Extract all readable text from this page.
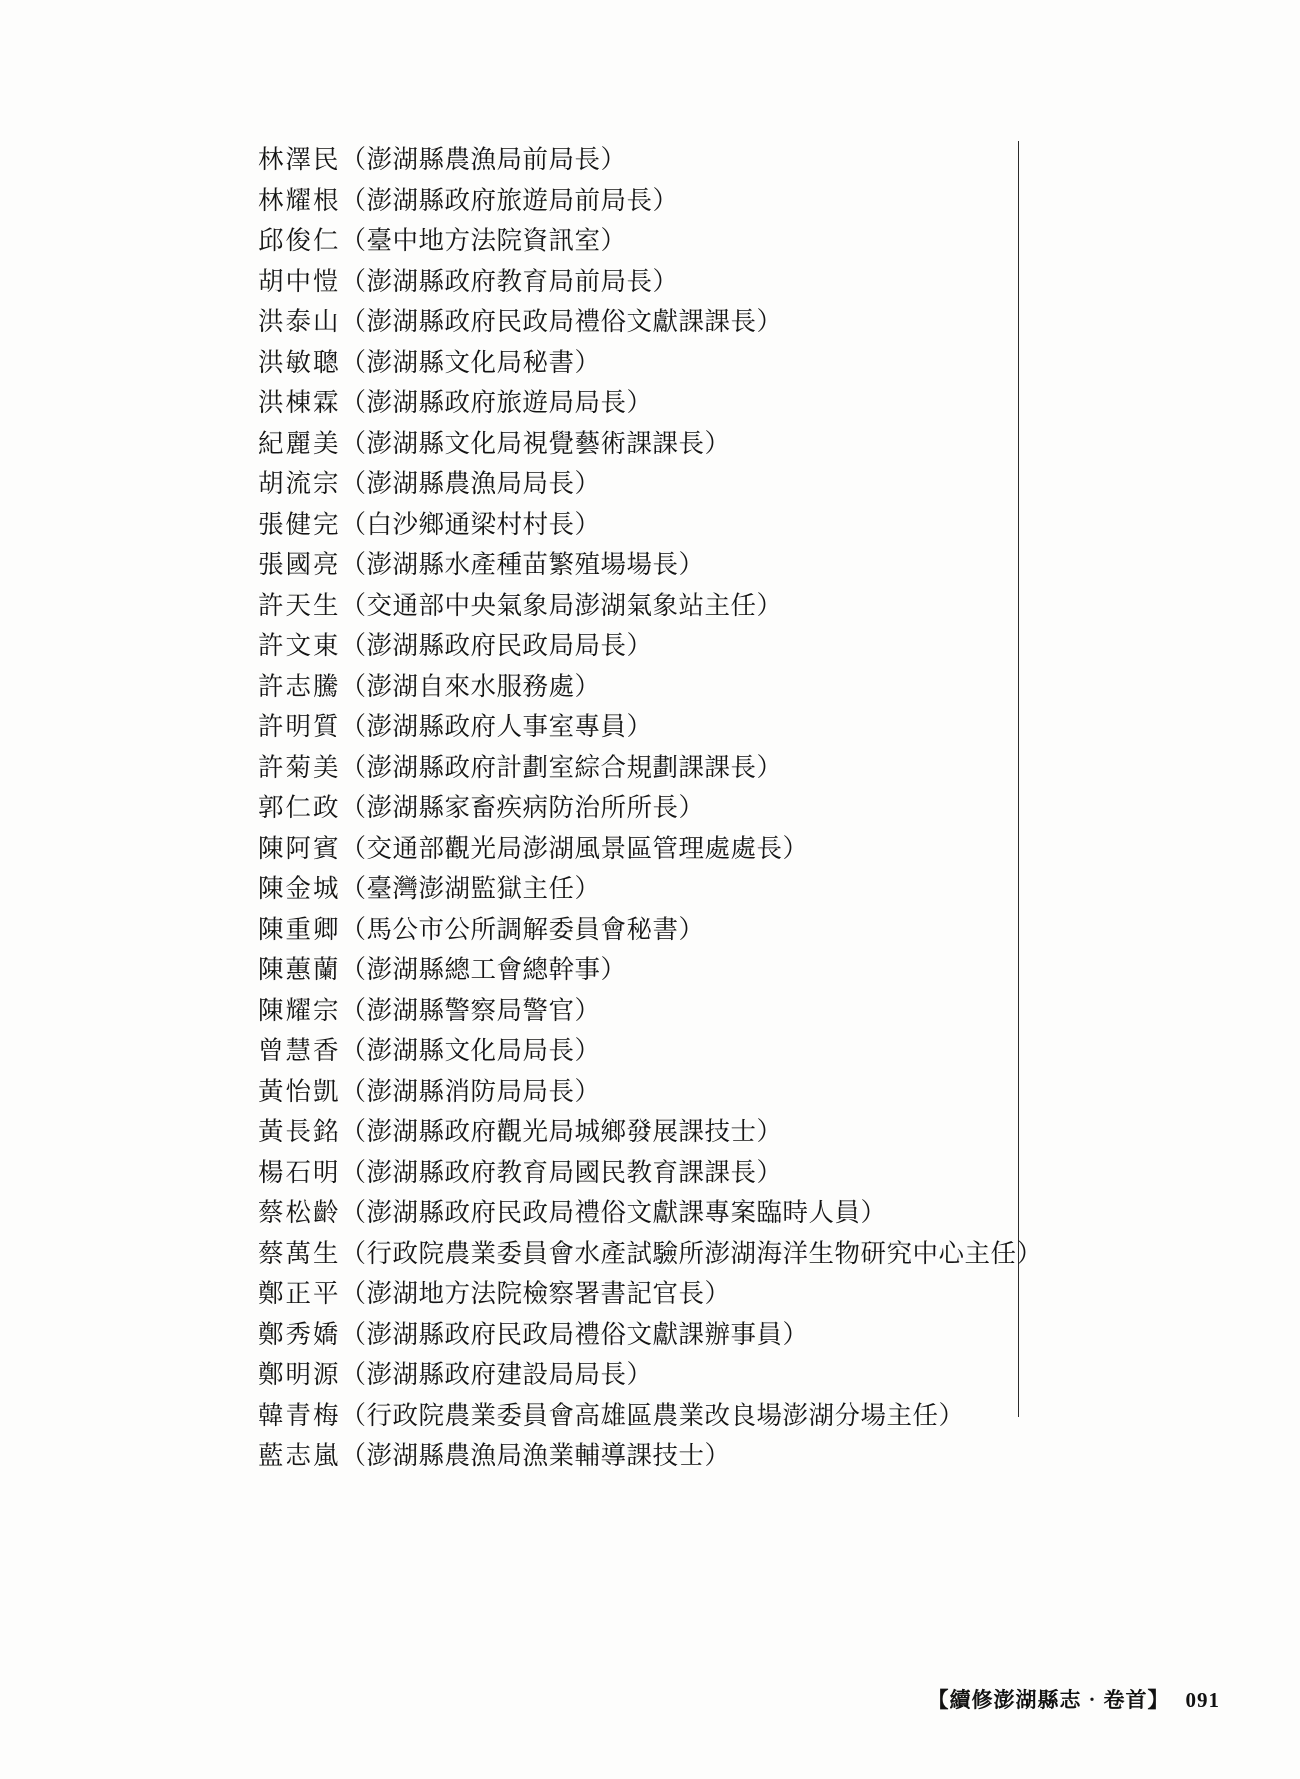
林澤民（澎湖縣農漁局前局長）
林耀根（澎湖縣政府旅遊局前局長）
邱俊仁（臺中地方法院資訊室）
胡中愷（澎湖縣政府教育局前局長）
洪泰山（澎湖縣政府民政局禮俗文獻課課長）
洪敏聰（澎湖縣文化局秘書）
洪棟霖（澎湖縣政府旅遊局局長）
紀麗美（澎湖縣文化局視覺藝術課課長）
胡流宗（澎湖縣農漁局局長）
張健完（白沙鄉通梁村村長）
張國亮（澎湖縣水產種苗繁殖場場長）
許天生（交通部中央氣象局澎湖氣象站主任）
許文東（澎湖縣政府民政局局長）
許志騰（澎湖自來水服務處）
許明質（澎湖縣政府人事室專員）
許菊美（澎湖縣政府計劃室綜合規劃課課長）
郭仁政（澎湖縣家畜疾病防治所所長）
陳阿賓（交通部觀光局澎湖風景區管理處處長）
陳金城（臺灣澎湖監獄主任）
陳重卿（馬公市公所調解委員會秘書）
陳蕙蘭（澎湖縣總工會總幹事）
陳耀宗（澎湖縣警察局警官）
曾慧香（澎湖縣文化局局長）
黃怡凱（澎湖縣消防局局長）
黃長銘（澎湖縣政府觀光局城鄉發展課技士）
楊石明（澎湖縣政府教育局國民教育課課長）
蔡松齡（澎湖縣政府民政局禮俗文獻課專案臨時人員）
蔡萬生（行政院農業委員會水產試驗所澎湖海洋生物研究中心主任）
鄭正平（澎湖地方法院檢察署書記官長）
鄭秀嬌（澎湖縣政府民政局禮俗文獻課辦事員）
鄭明源（澎湖縣政府建設局局長）
韓青梅（行政院農業委員會高雄區農業改良場澎湖分場主任）
藍志嵐（澎湖縣農漁局漁業輔導課技士）
【續修澎湖縣志‧卷首】 091
